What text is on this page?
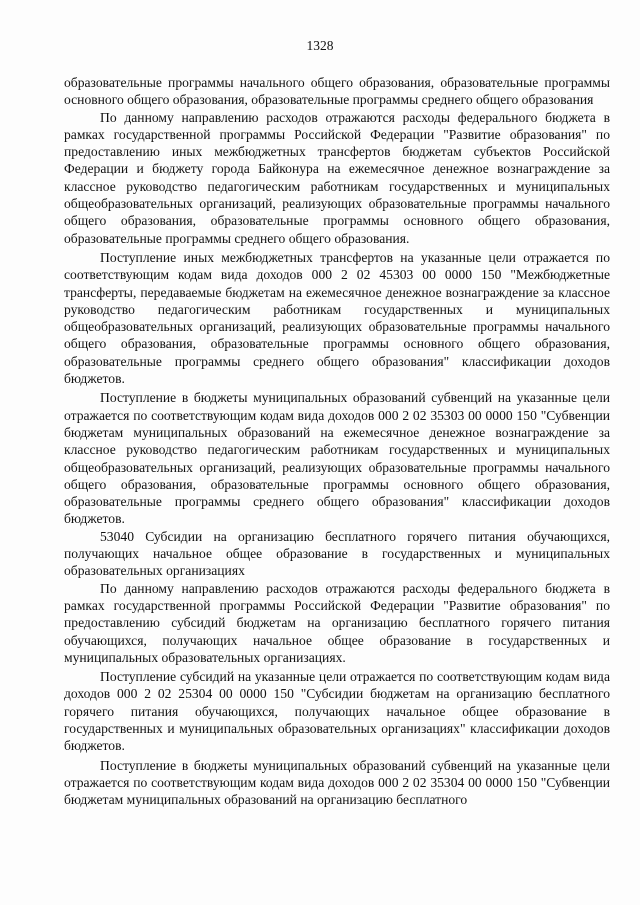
1328

образовательные программы начального общего образования, образовательные программы основного общего образования, образовательные программы среднего общего образования

По данному направлению расходов отражаются расходы федерального бюджета в рамках государственной программы Российской Федерации "Развитие образования" по предоставлению иных межбюджетных трансфертов бюджетам субъектов Российской Федерации и бюджету города Байконура на ежемесячное денежное вознаграждение за классное руководство педагогическим работникам государственных и муниципальных общеобразовательных организаций, реализующих образовательные программы начального общего образования, образовательные программы основного общего образования, образовательные программы среднего общего образования.

Поступление иных межбюджетных трансфертов на указанные цели отражается по соответствующим кодам вида доходов 000 2 02 45303 00 0000 150 "Межбюджетные трансферты, передаваемые бюджетам на ежемесячное денежное вознаграждение за классное руководство педагогическим работникам государственных и муниципальных общеобразовательных организаций, реализующих образовательные программы начального общего образования, образовательные программы основного общего образования, образовательные программы среднего общего образования" классификации доходов бюджетов.

Поступление в бюджеты муниципальных образований субвенций на указанные цели отражается по соответствующим кодам вида доходов 000 2 02 35303 00 0000 150 "Субвенции бюджетам муниципальных образований на ежемесячное денежное вознаграждение за классное руководство педагогическим работникам государственных и муниципальных общеобразовательных организаций, реализующих образовательные программы начального общего образования, образовательные программы основного общего образования, образовательные программы среднего общего образования" классификации доходов бюджетов.

53040 Субсидии на организацию бесплатного горячего питания обучающихся, получающих начальное общее образование в государственных и муниципальных образовательных организациях

По данному направлению расходов отражаются расходы федерального бюджета в рамках государственной программы Российской Федерации "Развитие образования" по предоставлению субсидий бюджетам на организацию бесплатного горячего питания обучающихся, получающих начальное общее образование в государственных и муниципальных образовательных организациях.

Поступление субсидий на указанные цели отражается по соответствующим кодам вида доходов 000 2 02 25304 00 0000 150 "Субсидии бюджетам на организацию бесплатного горячего питания обучающихся, получающих начальное общее образование в государственных и муниципальных образовательных организациях" классификации доходов бюджетов.

Поступление в бюджеты муниципальных образований субвенций на указанные цели отражается по соответствующим кодам вида доходов 000 2 02 35304 00 0000 150 "Субвенции бюджетам муниципальных образований на организацию бесплатного
